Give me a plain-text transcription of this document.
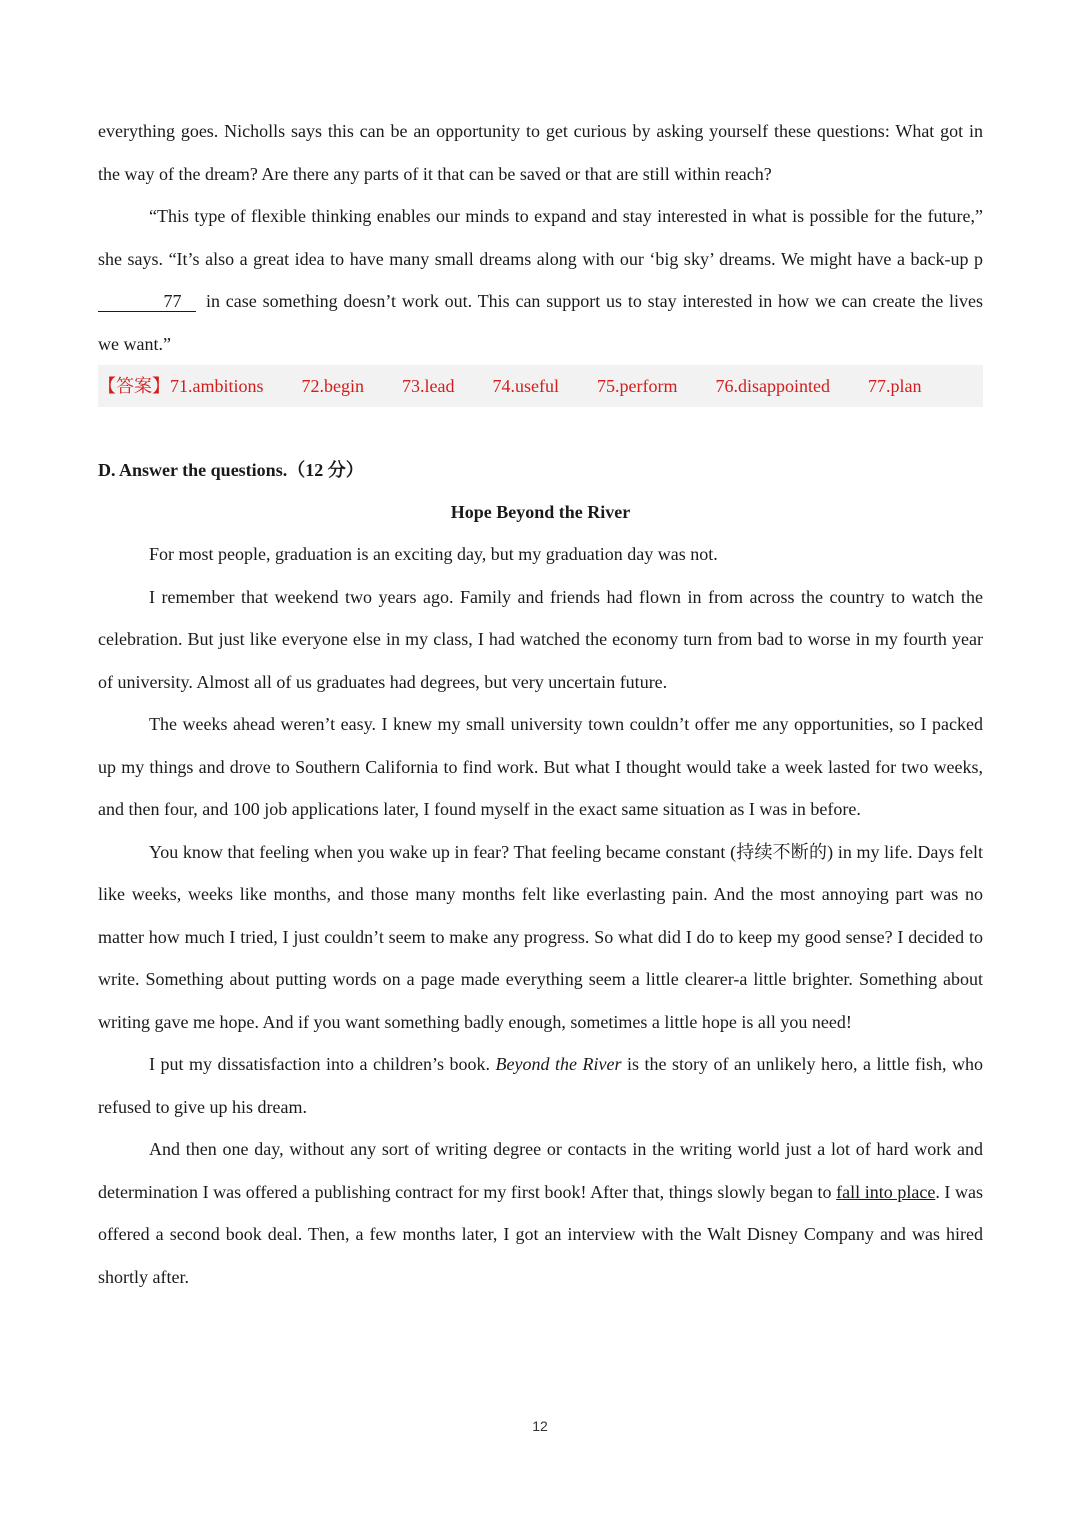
everything goes. Nicholls says this can be an opportunity to get curious by asking yourself these questions: What got in the way of the dream? Are there any parts of it that can be saved or that are still within reach?

“This type of flexible thinking enables our minds to expand and stay interested in what is possible for the future,” she says. “It’s also a great idea to have many small dreams along with our ‘big sky’ dreams. We might have a back-up p77 in case something doesn’t work out. This can support us to stay interested in how we can create the lives we want.”

【答案】71.ambitions 72.begin 73.lead 74.useful 75.perform 76.disappointed 77.plan
D. Answer the questions.（12 分）
Hope Beyond the River

For most people, graduation is an exciting day, but my graduation day was not.

I remember that weekend two years ago. Family and friends had flown in from across the country to watch the celebration. But just like everyone else in my class, I had watched the economy turn from bad to worse in my fourth year of university. Almost all of us graduates had degrees, but very uncertain future.

The weeks ahead weren’t easy. I knew my small university town couldn’t offer me any opportunities, so I packed up my things and drove to Southern California to find work. But what I thought would take a week lasted for two weeks, and then four, and 100 job applications later, I found myself in the exact same situation as I was in before.

You know that feeling when you wake up in fear? That feeling became constant (持续不断的) in my life. Days felt like weeks, weeks like months, and those many months felt like everlasting pain. And the most annoying part was no matter how much I tried, I just couldn’t seem to make any progress. So what did I do to keep my good sense? I decided to write. Something about putting words on a page made everything seem a little clearer-a little brighter. Something about writing gave me hope. And if you want something badly enough, sometimes a little hope is all you need!

I put my dissatisfaction into a children’s book. Beyond the River is the story of an unlikely hero, a little fish, who refused to give up his dream.

And then one day, without any sort of writing degree or contacts in the writing world just a lot of hard work and determination I was offered a publishing contract for my first book! After that, things slowly began to fall into place. I was offered a second book deal. Then, a few months later, I got an interview with the Walt Disney Company and was hired shortly after.

12
